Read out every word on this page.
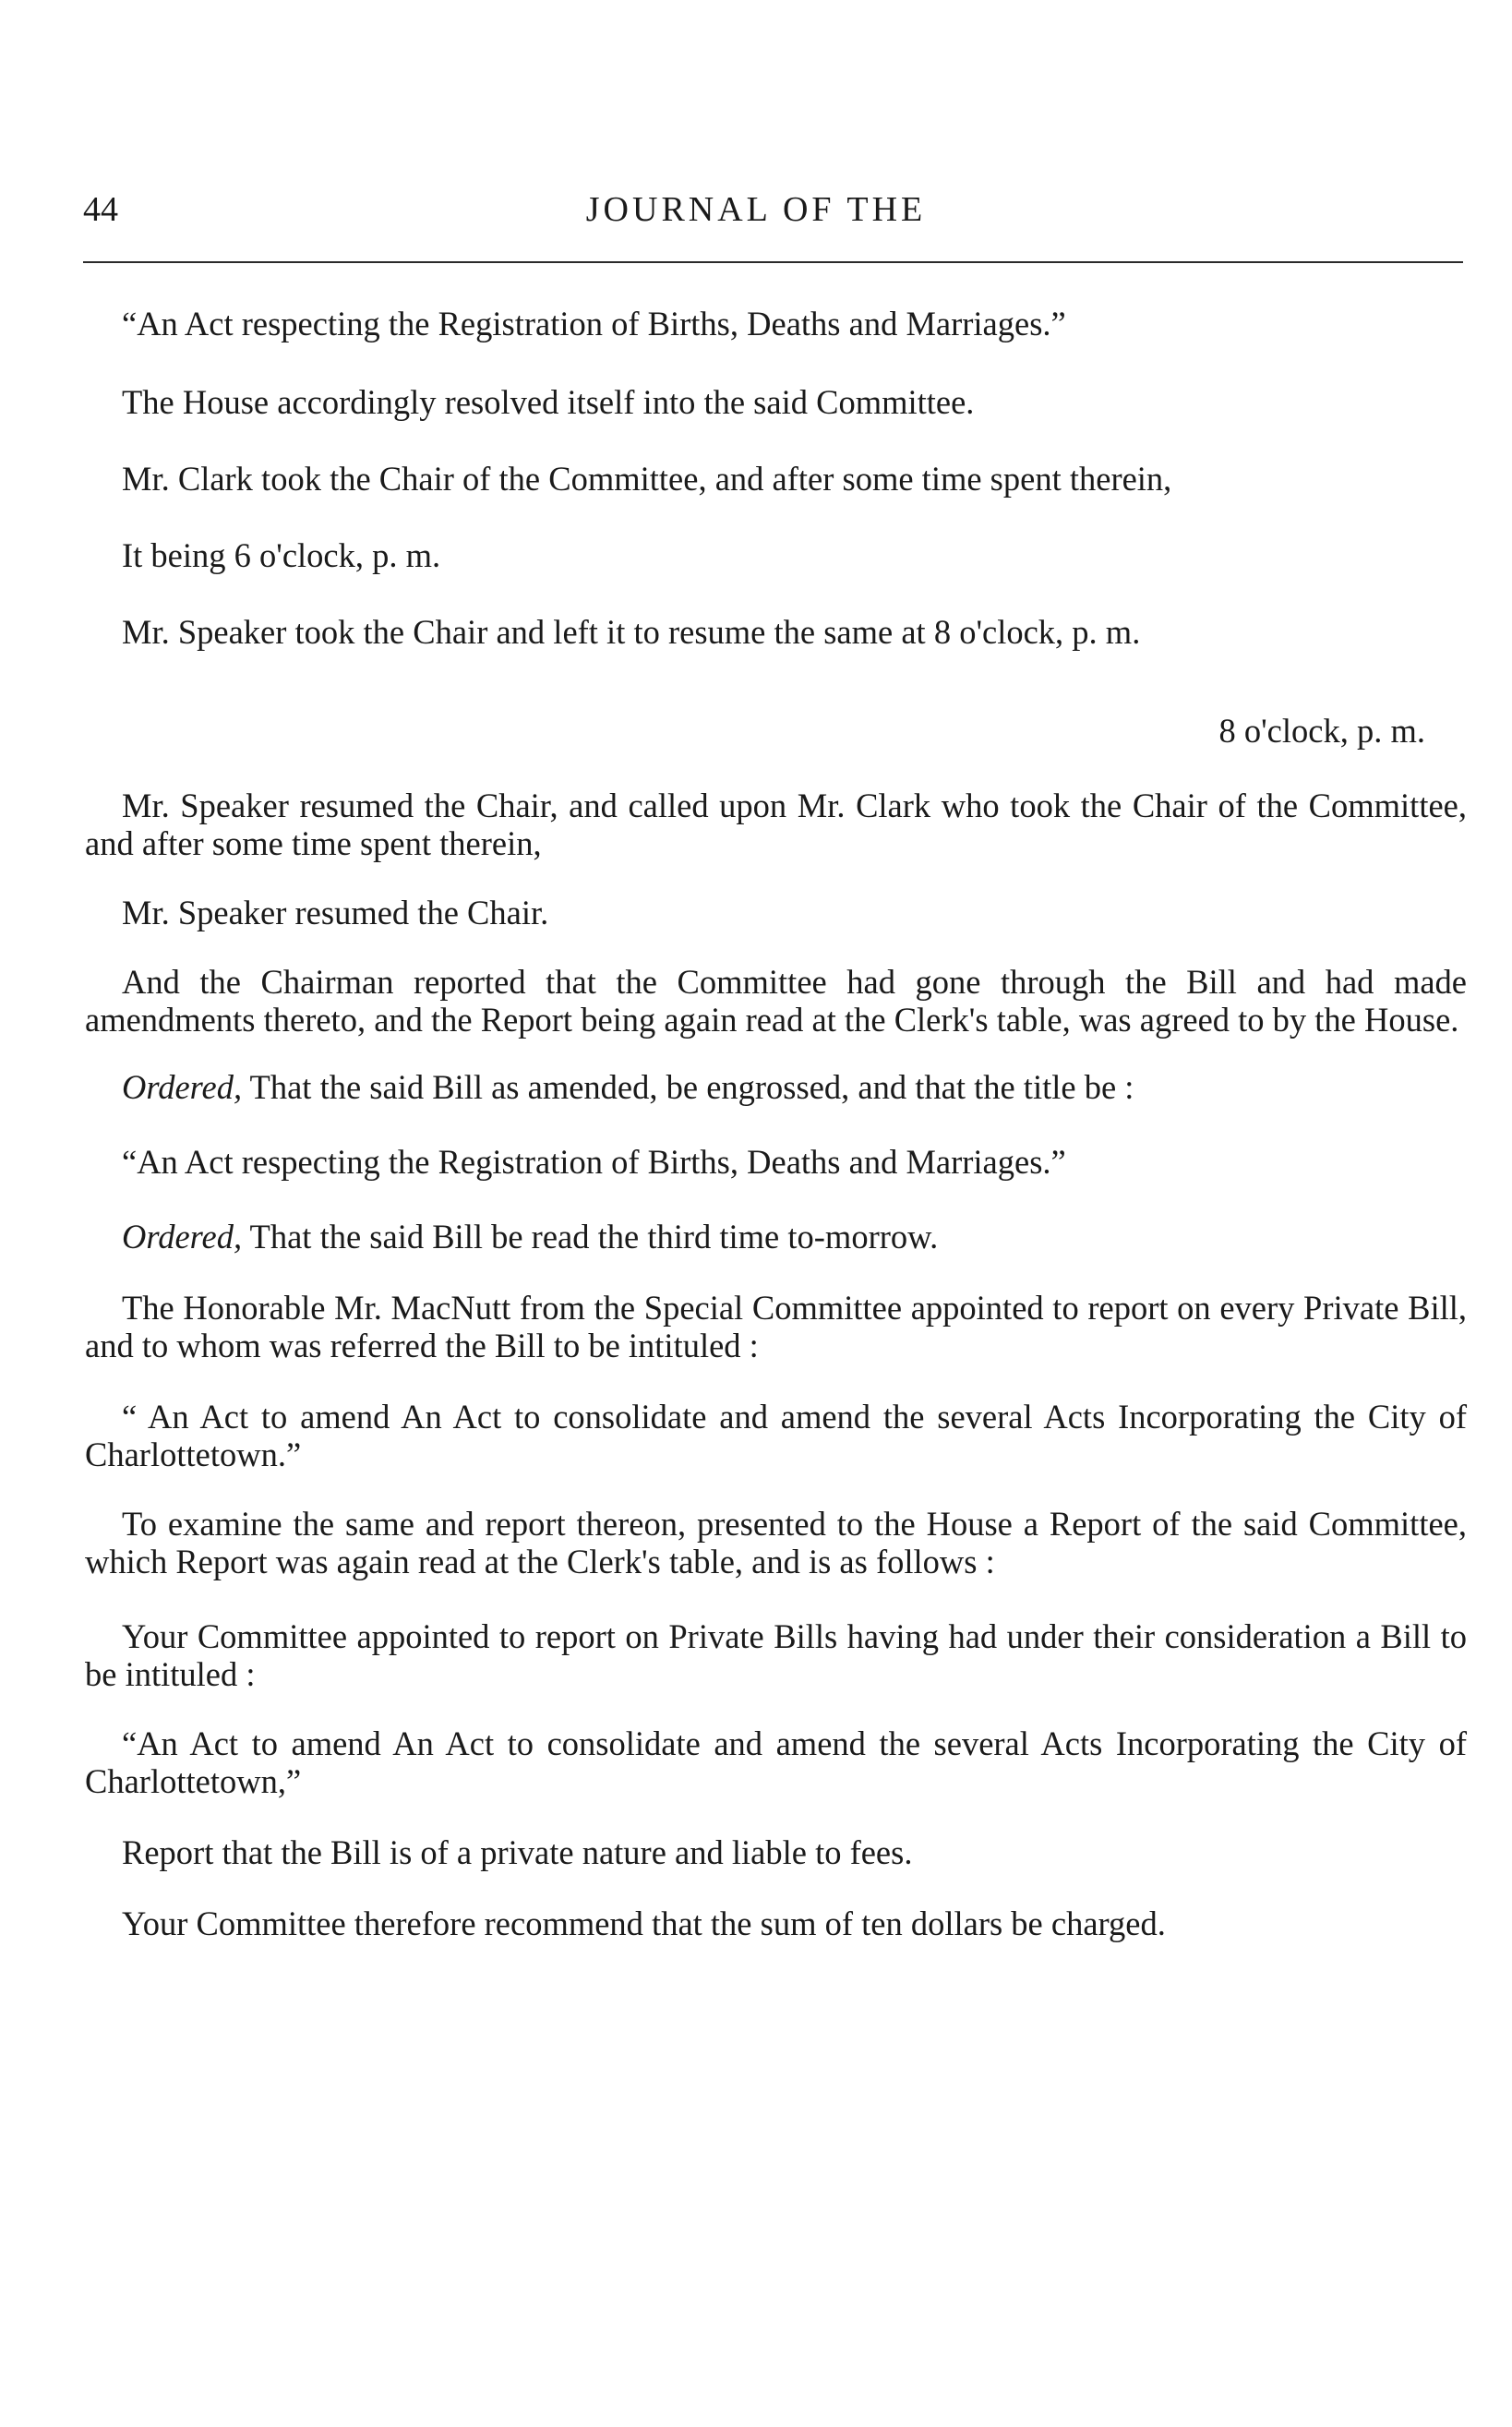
44	JOURNAL OF THE

“An Act respecting the Registration of Births, Deaths and Marriages.”

The House accordingly resolved itself into the said Committee.

Mr. Clark took the Chair of the Committee, and after some time spent therein,

It being 6 o'clock, p. m.

Mr. Speaker took the Chair and left it to resume the same at 8 o'clock, p. m.

8 o'clock, p. m.

Mr. Speaker resumed the Chair, and called upon Mr. Clark who took the Chair of the Committee, and after some time spent therein,

Mr. Speaker resumed the Chair.

And the Chairman reported that the Committee had gone through the Bill and had made amendments thereto, and the Report being again read at the Clerk's table, was agreed to by the House.

Ordered, That the said Bill as amended, be engrossed, and that the title be :

“An Act respecting the Registration of Births, Deaths and Marriages.”

Ordered, That the said Bill be read the third time to-morrow.

The Honorable Mr. MacNutt from the Special Committee appointed to report on every Private Bill, and to whom was referred the Bill to be intituled :

“ An Act to amend An Act to consolidate and amend the several Acts Incorporating the City of Charlottetown.”

To examine the same and report thereon, presented to the House a Report of the said Committee, which Report was again read at the Clerk's table, and is as follows :

Your Committee appointed to report on Private Bills having had under their consideration a Bill to be intituled :

“An Act to amend An Act to consolidate and amend the several Acts Incorporating the City of Charlottetown,”

Report that the Bill is of a private nature and liable to fees.

Your Committee therefore recommend that the sum of ten dollars be charged.
